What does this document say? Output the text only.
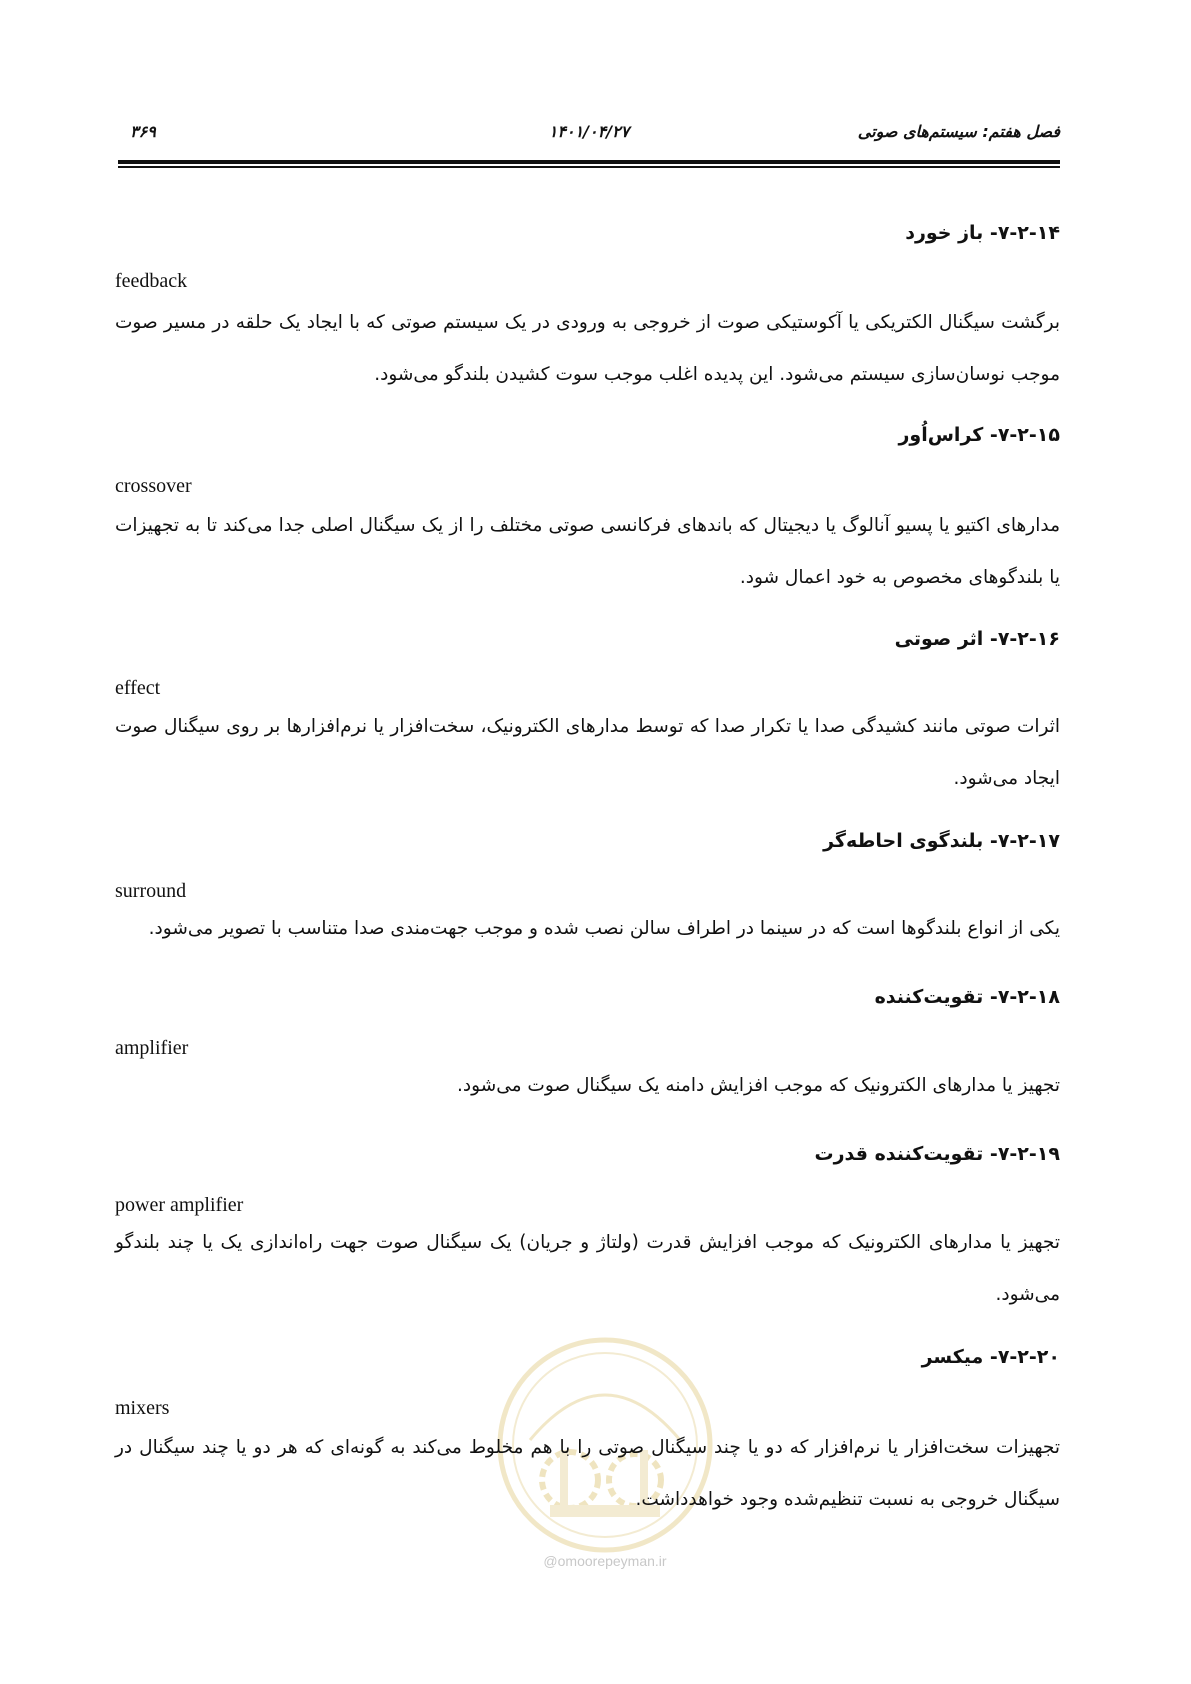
۳۶۹	۱۴۰۱/۰۴/۲۷	فصل هفتم: سیستم‌های صوتی
۷-۲-۱۴- باز خورد
feedback
برگشت سیگنال الکتریکی یا آکوستیکی صوت از خروجی به ورودی در یک سیستم صوتی که با ایجاد یک حلقه در مسیر صوت موجب نوسان‌سازی سیستم می‌شود. این پدیده اغلب موجب سوت کشیدن بلندگو می‌شود.
۷-۲-۱۵- کراس‌اُور
crossover
مدارهای اکتیو یا پسیو آنالوگ یا دیجیتال که باندهای فرکانسی صوتی مختلف را از یک سیگنال اصلی جدا می‌کند تا به تجهیزات یا بلندگوهای مخصوص به خود اعمال شود.
۷-۲-۱۶- اثر صوتی
effect
اثرات صوتی مانند کشیدگی صدا یا تکرار صدا که توسط مدارهای الکترونیک، سخت‌افزار یا نرم‌افزارها بر روی سیگنال صوت ایجاد می‌شود.
۷-۲-۱۷- بلندگوی احاطه‌گر
surround
یکی از انواع بلندگوها است که در سینما در اطراف سالن نصب شده و موجب جهت‌مندی صدا متناسب با تصویر می‌شود.
۷-۲-۱۸- تقویت‌کننده
amplifier
تجهیز یا مدارهای الکترونیک که موجب افزایش دامنه یک سیگنال صوت می‌شود.
۷-۲-۱۹- تقویت‌کننده قدرت
power amplifier
تجهیز یا مدارهای الکترونیک که موجب افزایش قدرت (ولتاژ و جریان) یک سیگنال صوت جهت راه‌اندازی یک یا چند بلندگو می‌شود.
@omoorepeyman.ir
۷-۲-۲۰- میکسر
mixers
تجهیزات سخت‌افزار یا نرم‌افزار که دو یا چند سیگنال صوتی را با هم مخلوط می‌کند به گونه‌ای که هر دو یا چند سیگنال در سیگنال خروجی به نسبت تنظیم‌شده وجود خواهدداشت.
